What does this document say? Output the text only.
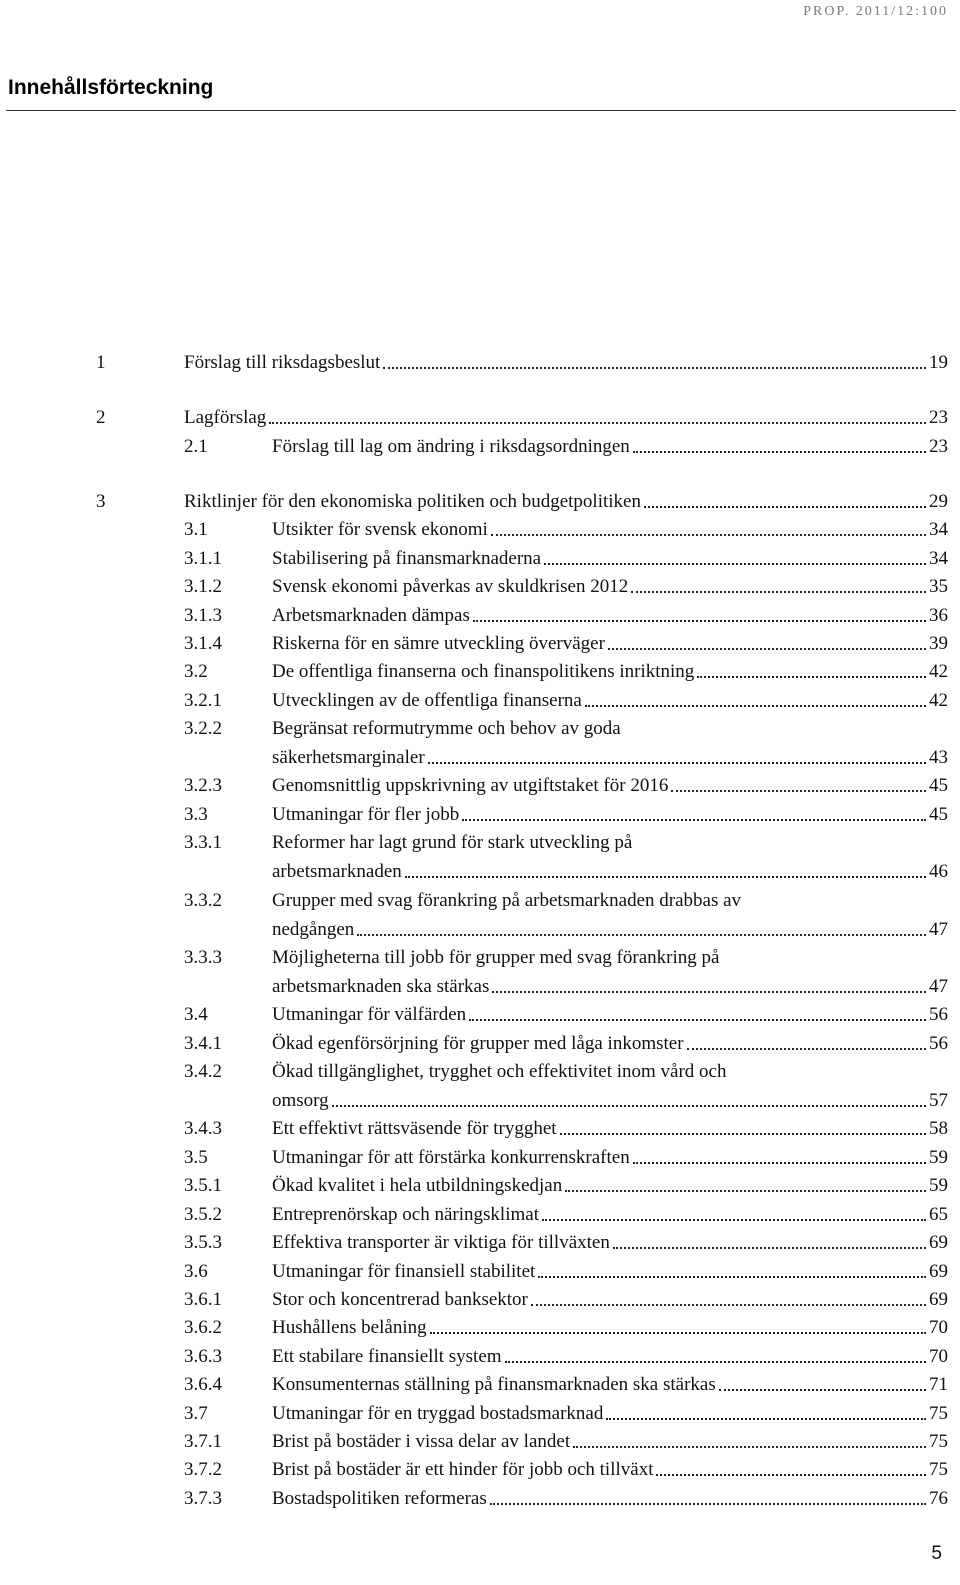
PROP. 2011/12:100
Innehållsförteckning
1	Förslag till riksdagsbeslut	19
2	Lagförslag	23
2.1	Förslag till lag om ändring i riksdagsordningen	23
3	Riktlinjer för den ekonomiska politiken och budgetpolitiken	29
3.1	Utsikter för svensk ekonomi	34
3.1.1	Stabilisering på finansmarknaderna	34
3.1.2	Svensk ekonomi påverkas av skuldkrisen 2012	35
3.1.3	Arbetsmarknaden dämpas	36
3.1.4	Riskerna för en sämre utveckling överväger	39
3.2	De offentliga finanserna och finanspolitikens inriktning	42
3.2.1	Utvecklingen av de offentliga finanserna	42
3.2.2	Begränsat reformutrymme och behov av goda
säkerhetsmarginaler	43
3.2.3	Genomsnittlig uppskrivning av utgiftstaket för 2016	45
3.3	Utmaningar för fler jobb	45
3.3.1	Reformer har lagt grund för stark utveckling på
arbetsmarknaden	46
3.3.2	Grupper med svag förankring på arbetsmarknaden drabbas av
nedgången	47
3.3.3	Möjligheterna till jobb för grupper med svag förankring på
arbetsmarknaden ska stärkas	47
3.4	Utmaningar för välfärden	56
3.4.1	Ökad egenförsörjning för grupper med låga inkomster	56
3.4.2	Ökad tillgänglighet, trygghet och effektivitet inom vård och
omsorg	57
3.4.3	Ett effektivt rättsväsende för trygghet	58
3.5	Utmaningar för att förstärka konkurrenskraften	59
3.5.1	Ökad kvalitet i hela utbildningskedjan	59
3.5.2	Entreprenörskap och näringsklimat	65
3.5.3	Effektiva transporter är viktiga för tillväxten	69
3.6	Utmaningar för finansiell stabilitet	69
3.6.1	Stor och koncentrerad banksektor	69
3.6.2	Hushållens belåning	70
3.6.3	Ett stabilare finansiellt system	70
3.6.4	Konsumenternas ställning på finansmarknaden ska stärkas	71
3.7	Utmaningar för en tryggad bostadsmarknad	75
3.7.1	Brist på bostäder i vissa delar av landet	75
3.7.2	Brist på bostäder är ett hinder för jobb och tillväxt	75
3.7.3	Bostadspolitiken reformeras	76
5
